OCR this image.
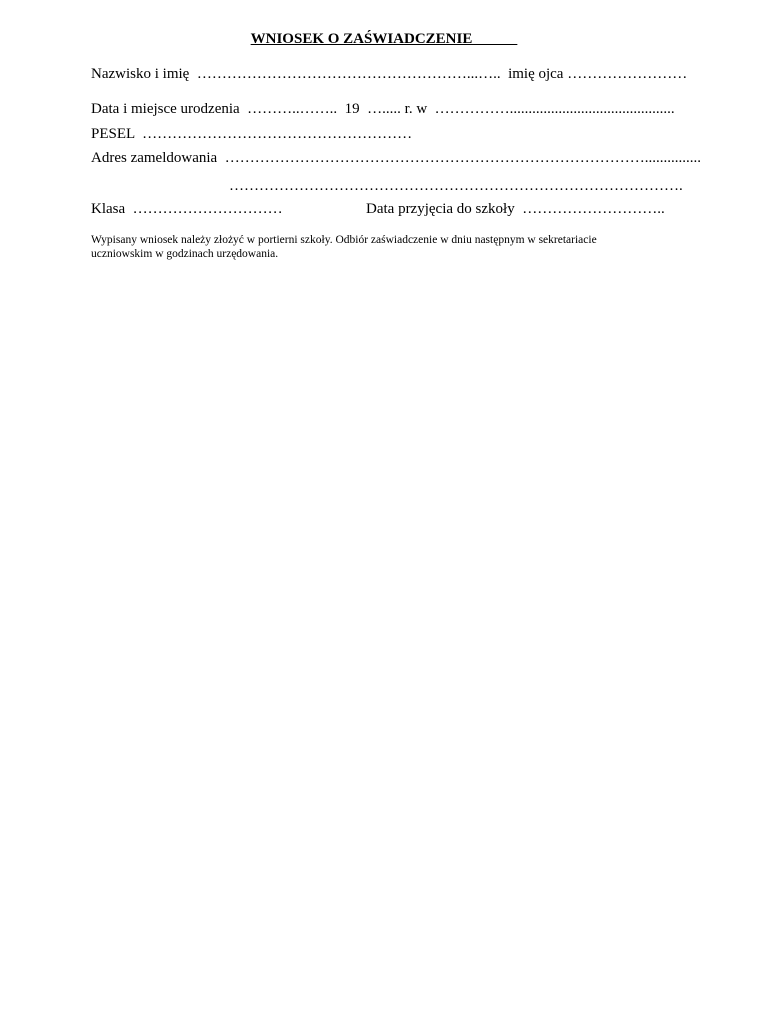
WNIOSEK O ZAŚWIADCZENIE
Nazwisko i imię  ………………………………………………...…..  imię ojca ……………………
Data i miejsce urodzenia  ………..……..  19  …..... r. w  ……………............................................
PESEL  ………………………………………………
Adres zameldowania  …………………………………………………………………………...............
……………………………………………………………………………….
Klasa  …………………………	Data przyjęcia do szkoły  ………………………..
Wypisany wniosek należy złożyć w portierni szkoły. Odbiór zaświadczenie w dniu następnym w sekretariacie
uczniowskim w godzinach urzędowania.
